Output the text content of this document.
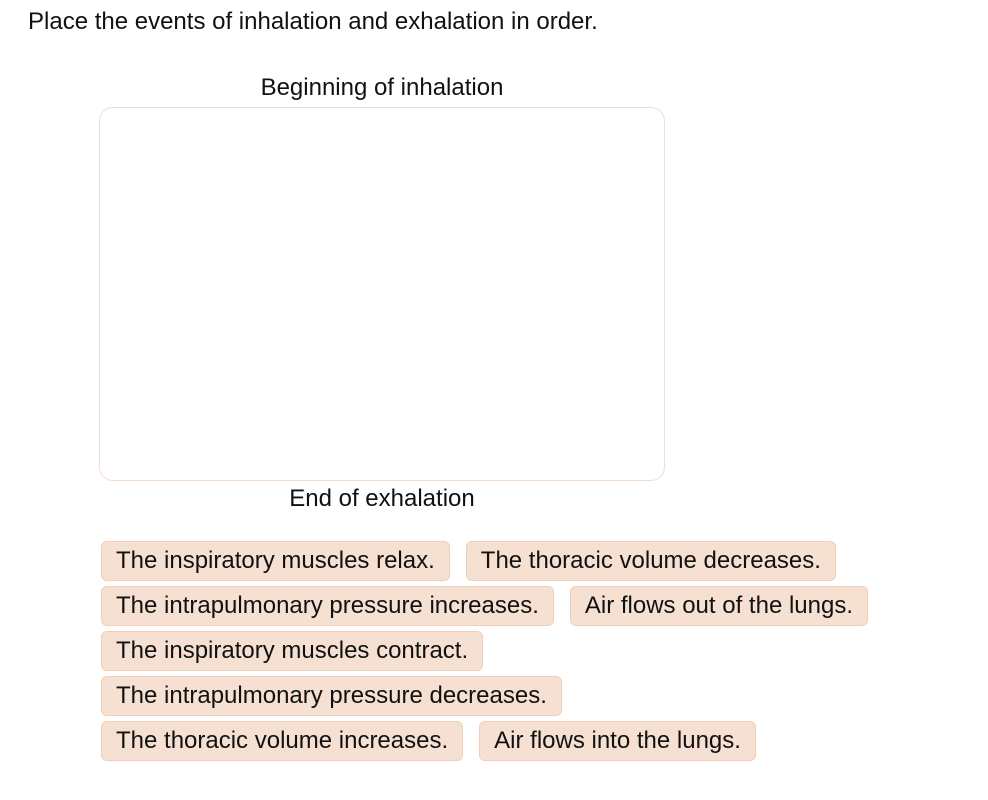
Place the events of inhalation and exhalation in order.
Beginning of inhalation
End of exhalation
The inspiratory muscles relax.	The thoracic volume decreases.
The intrapulmonary pressure increases.	Air flows out of the lungs.
The inspiratory muscles contract.
The intrapulmonary pressure decreases.
The thoracic volume increases.	Air flows into the lungs.
